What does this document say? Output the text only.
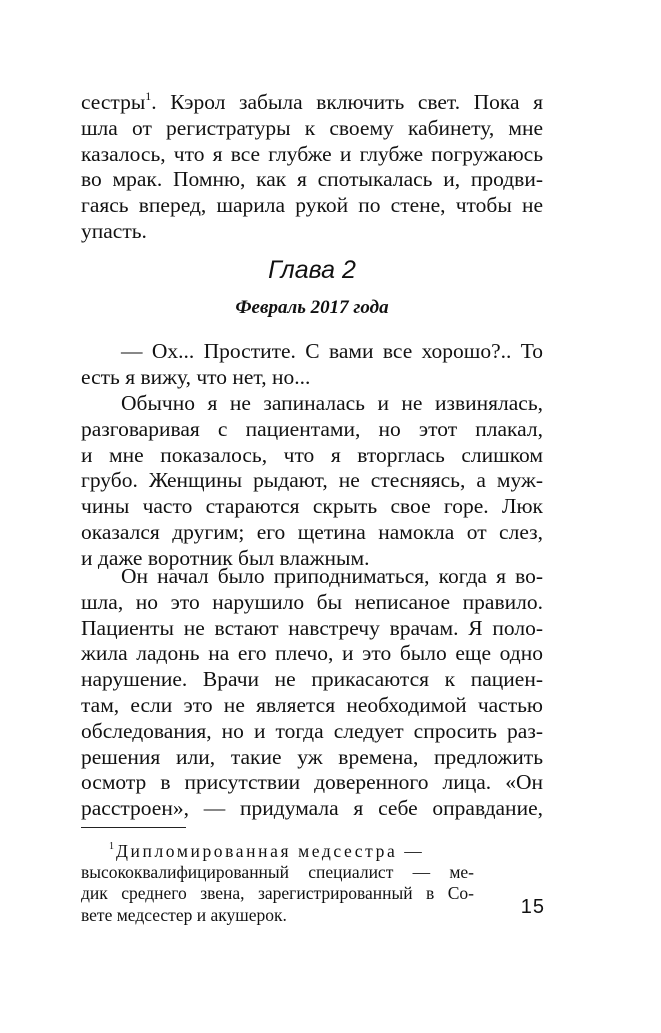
сестры$^1$. Кэрол забыла включить свет. Пока я
шла от регистратуры к своему кабинету, мне
казалось, что я все глубже и глубже погружаюсь
во мрак. Помню, как я спотыкалась и, продви-
гаясь вперед, шарила рукой по стене, чтобы не
упасть.
Глава 2
Февраль 2017 года
— Ох... Простите. С вами все хорошо?.. То
есть я вижу, что нет, но...
Обычно я не запиналась и не извинялась,
разговаривая с пациентами, но этот плакал,
и мне показалось, что я вторглась слишком
грубо. Женщины рыдают, не стесняясь, а муж-
чины часто стараются скрыть свое горе. Люк
оказался другим; его щетина намокла от слез,
и даже воротник был влажным.
Он начал было приподниматься, когда я во-
шла, но это нарушило бы неписаное правило.
Пациенты не встают навстречу врачам. Я поло-
жила ладонь на его плечо, и это было еще одно
нарушение. Врачи не прикасаются к пациен-
там, если это не является необходимой частью
обследования, но и тогда следует спросить раз-
решения или, такие уж времена, предложить
осмотр в присутствии доверенного лица. «Он
расстроен», — придумала я себе оправдание,
$^1$ Дипломированная медсестра —
высококвалифицированный специалист — ме-
дик среднего звена, зарегистрированный в Со-
вете медсестер и акушерок.	15
